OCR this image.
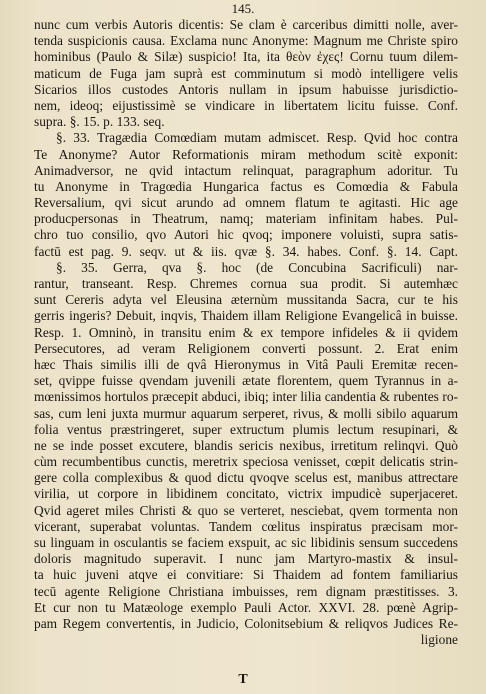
145.
nunc cum verbis Autoris dicentis: Se clam è carceribus dimitti nolle, aver-
tenda suspicionis causa. Exclama nunc Anonyme: Magnum me Christe spiro
hominibus (Paulo & Silæ) suspicio! Ita, ita θεὸν ἐχες! Cornu tuum dilem-
maticum de Fuga jam suprà est comminutum si modò intelligere velis
Sicarios illos custodes Antoris nullam in ipsum habuisse jurisdictio-
nem, ideoq; eijustissimè se vindicare in libertatem licitu fuisse. Conf.
supra. §. 15. p. 133. seq.
§. 33. Tragædia Comœdiam mutam admiscet. Resp. Qvid hoc contra
Te Anonyme? Autor Reformationis miram methodum scitè exponit:
Animadversor, ne qvid intactum relinquat, paragraphum adoritur. Tu
tu Anonyme in Tragœdia Hungarica factus es Comœdia & Fabula
Reversalium, qvi sicut arundo ad omnem flatum te agitasti. Hic age
producpersonas in Theatrum, namq; materiam infinitam habes. Pul-
chro tuo consilio, qvo Autori hic qvoq; imponere voluisti, supra satis-
factū est pag. 9. seqv. ut & iis. qvæ §. 34. habes. Conf. §. 14. Capt.
§. 35. Gerra, qva §. hoc (de Concubina Sacrificuli) nar-
rantur, transeant. Resp. Chremes cornua sua prodit. Si autemhæc
sunt Cereris adyta vel Eleusina æternùm mussitanda Sacra, cur te his
gerris ingeris? Debuit, inqvis, Thaidem illam Religione Evangelicâ in buisse.
Resp. 1. Omninò, in transitu enim & ex tempore infideles & ii qvidem
Persecutores, ad veram Religionem converti possunt. 2. Erat enim
hæc Thais similis illi de qvâ Hieronymus in Vitâ Pauli Eremitæ recen-
set, qvippe fuisse qvendam juvenili ætate florentem, quem Tyrannus in a-
mœnissimos hortulos præcepit abduci, ibiq; inter lilia candentia & rubentes ro-
sas, cum leni juxta murmur aquarum serperet, rivus, & molli sibilo aquarum
folia ventus præstringeret, super extructum plumis lectum resupinari, &
ne se inde posset excutere, blandis sericis nexibus, irretitum relinqvi. Quò
cùm recumbentibus cunctis, meretrix speciosa venisset, cœpit delicatis strin-
gere colla complexibus & quod dictu qvoqve scelus est, manibus attrectare
virilia, ut corpore in libidinem concitato, victrix impudicè superjaceret.
Qvid ageret miles Christi & quo se verteret, nesciebat, qvem tormenta non
vicerant, superabat voluntas. Tandem cœlitus inspiratus præcisam mor-
su linguam in osculantis se faciem exspuit, ac sic libidinis sensum succedens
doloris magnitudo superavit. I nunc jam Martyro-mastix & insul-
ta huic juveni atqve ei convitiare: Si Thaidem ad fontem familiarius
tecū agente Religione Christiana imbuisses, rem dignam præstitisses. 3.
Et cur non tu Matæologe exemplo Pauli Actor. XXVI. 28. pœnè Agrip-
pam Regem convertentis, in Judicio, Colonitsebium & reliqvos Judices Re-
ligione
T
